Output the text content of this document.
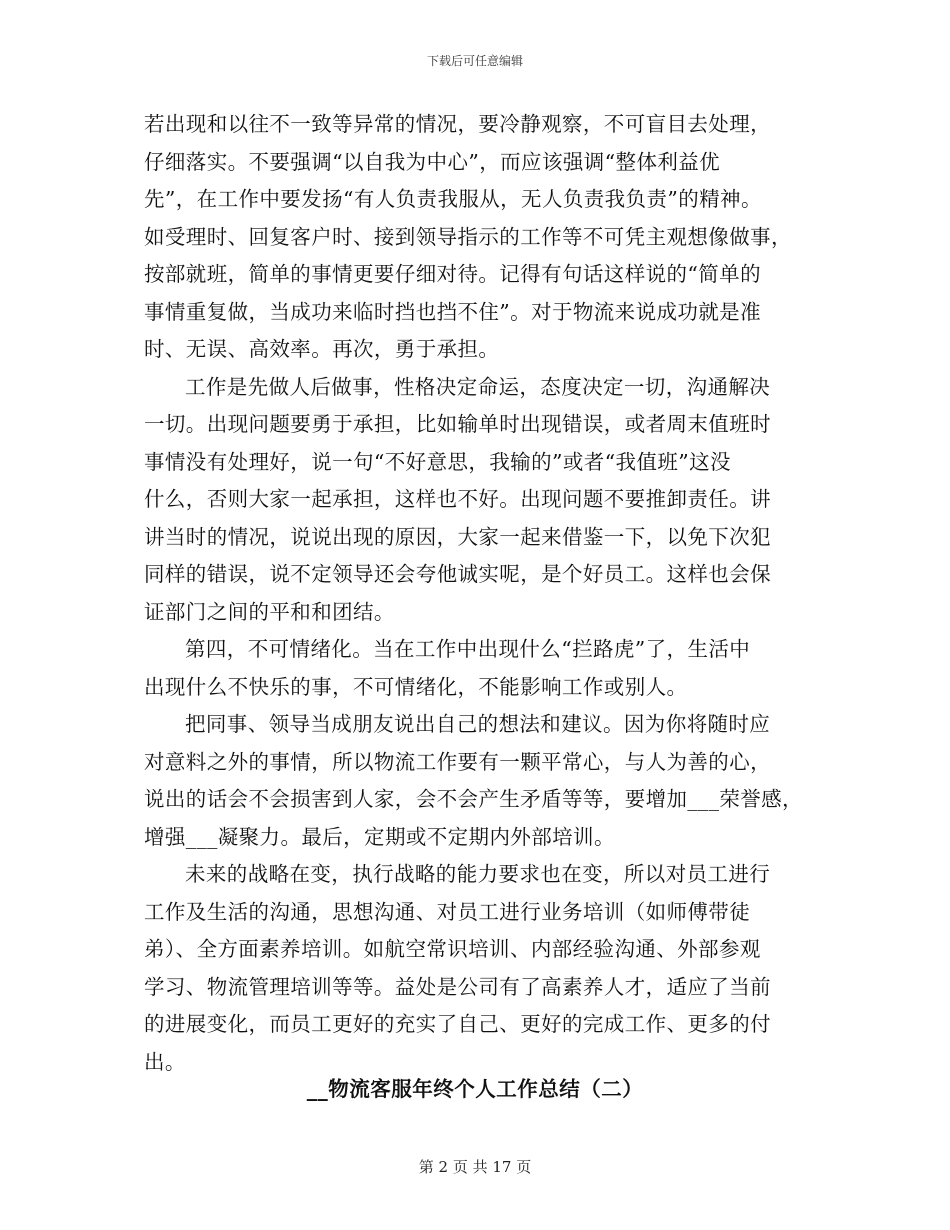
下载后可任意编辑
若出现和以往不一致等异常的情况，要冷静观察，不可盲目去处理，
仔细落实。不要强调“以自我为中心”，而应该强调“整体利益优
先”，在工作中要发扬“有人负责我服从，无人负责我负责”的精神。
如受理时、回复客户时、接到领导指示的工作等不可凭主观想像做事，
按部就班，简单的事情更要仔细对待。记得有句话这样说的“简单的
事情重复做，当成功来临时挡也挡不住”。对于物流来说成功就是准
时、无误、高效率。再次，勇于承担。
工作是先做人后做事，性格决定命运，态度决定一切，沟通解决
一切。出现问题要勇于承担，比如输单时出现错误，或者周末值班时
事情没有处理好，说一句“不好意思，我输的”或者“我值班”这没
什么，否则大家一起承担，这样也不好。出现问题不要推卸责任。讲
讲当时的情况，说说出现的原因，大家一起来借鉴一下，以免下次犯
同样的错误，说不定领导还会夸他诚实呢，是个好员工。这样也会保
证部门之间的平和和团结。
第四，不可情绪化。当在工作中出现什么“拦路虎”了，生活中
出现什么不快乐的事，不可情绪化，不能影响工作或别人。
把同事、领导当成朋友说出自己的想法和建议。因为你将随时应
对意料之外的事情，所以物流工作要有一颗平常心，与人为善的心，
说出的话会不会损害到人家，会不会产生矛盾等等，要增加___荣誉感，
增强___凝聚力。最后，定期或不定期内外部培训。
未来的战略在变，执行战略的能力要求也在变，所以对员工进行
工作及生活的沟通，思想沟通、对员工进行业务培训（如师傅带徒
弟）、全方面素养培训。如航空常识培训、内部经验沟通、外部参观
学习、物流管理培训等等。益处是公司有了高素养人才，适应了当前
的进展变化，而员工更好的充实了自己、更好的完成工作、更多的付
出。
__物流客服年终个人工作总结（二）
第 2 页 共 17 页
